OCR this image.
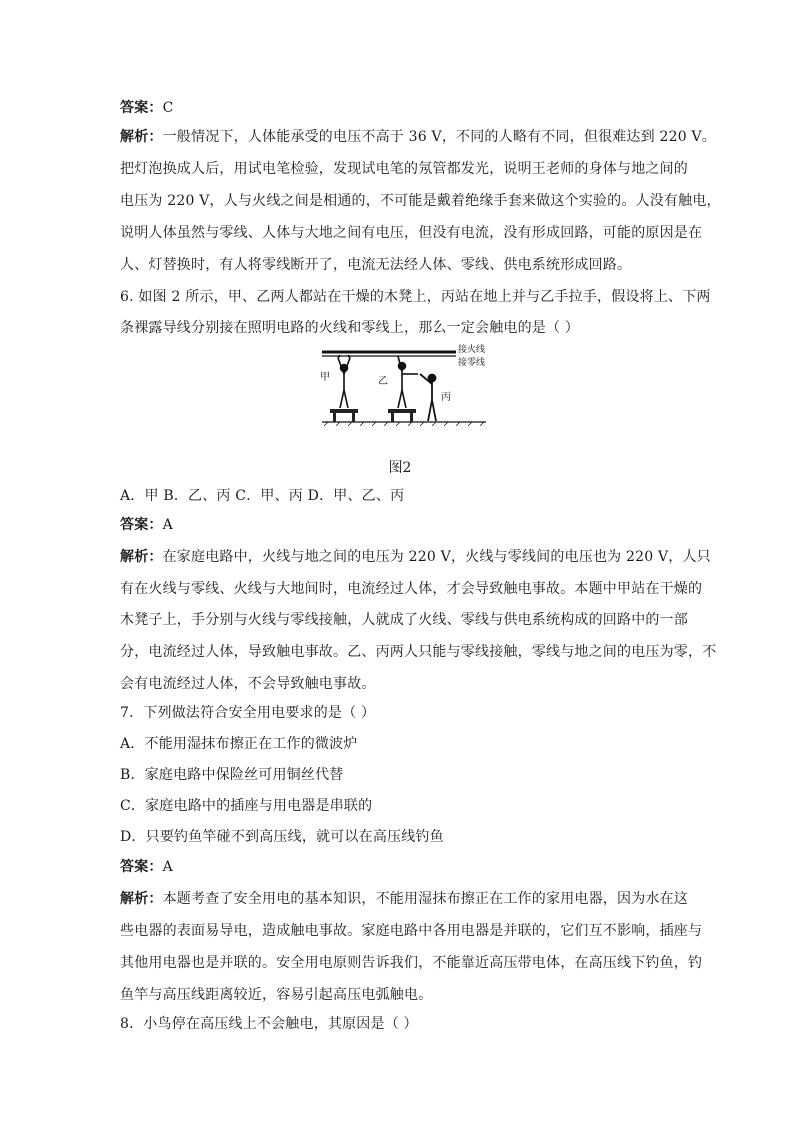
答案：C
解析：一般情况下，人体能承受的电压不高于 36 V，不同的人略有不同，但很难达到 220 V。
把灯泡换成人后，用试电笔检验，发现试电笔的氖管都发光，说明王老师的身体与地之间的
电压为 220 V，人与火线之间是相通的，不可能是戴着绝缘手套来做这个实验的。人没有触电，
说明人体虽然与零线、人体与大地之间有电压，但没有电流，没有形成回路，可能的原因是在
人、灯替换时，有人将零线断开了，电流无法经人体、零线、供电系统形成回路。
6. 如图 2 所示，甲、乙两人都站在干燥的木凳上，丙站在地上并与乙手拉手，假设将上、下两
条裸露导线分别接在照明电路的火线和零线上，那么一定会触电的是（ ）
接火线
接零线
甲	乙
丙
图2
A．甲 B．乙、丙 C．甲、丙 D．甲、乙、丙
答案：A
解析：在家庭电路中，火线与地之间的电压为 220 V，火线与零线间的电压也为 220 V，人只
有在火线与零线、火线与大地间时，电流经过人体，才会导致触电事故。本题中甲站在干燥的
木凳子上，手分别与火线与零线接触，人就成了火线、零线与供电系统构成的回路中的一部
分，电流经过人体，导致触电事故。乙、丙两人只能与零线接触，零线与地之间的电压为零，不
会有电流经过人体，不会导致触电事故。
7．下列做法符合安全用电要求的是（ ）
A．不能用湿抹布擦正在工作的微波炉
B．家庭电路中保险丝可用铜丝代替
C．家庭电路中的插座与用电器是串联的
D．只要钓鱼竿碰不到高压线，就可以在高压线钓鱼
答案：A
解析：本题考查了安全用电的基本知识，不能用湿抹布擦正在工作的家用电器，因为水在这
些电器的表面易导电，造成触电事故。家庭电路中各用电器是并联的，它们互不影响，插座与
其他用电器也是并联的。安全用电原则告诉我们，不能靠近高压带电体，在高压线下钓鱼，钓
鱼竿与高压线距离较近，容易引起高压电弧触电。
8．小鸟停在高压线上不会触电，其原因是（ ）
